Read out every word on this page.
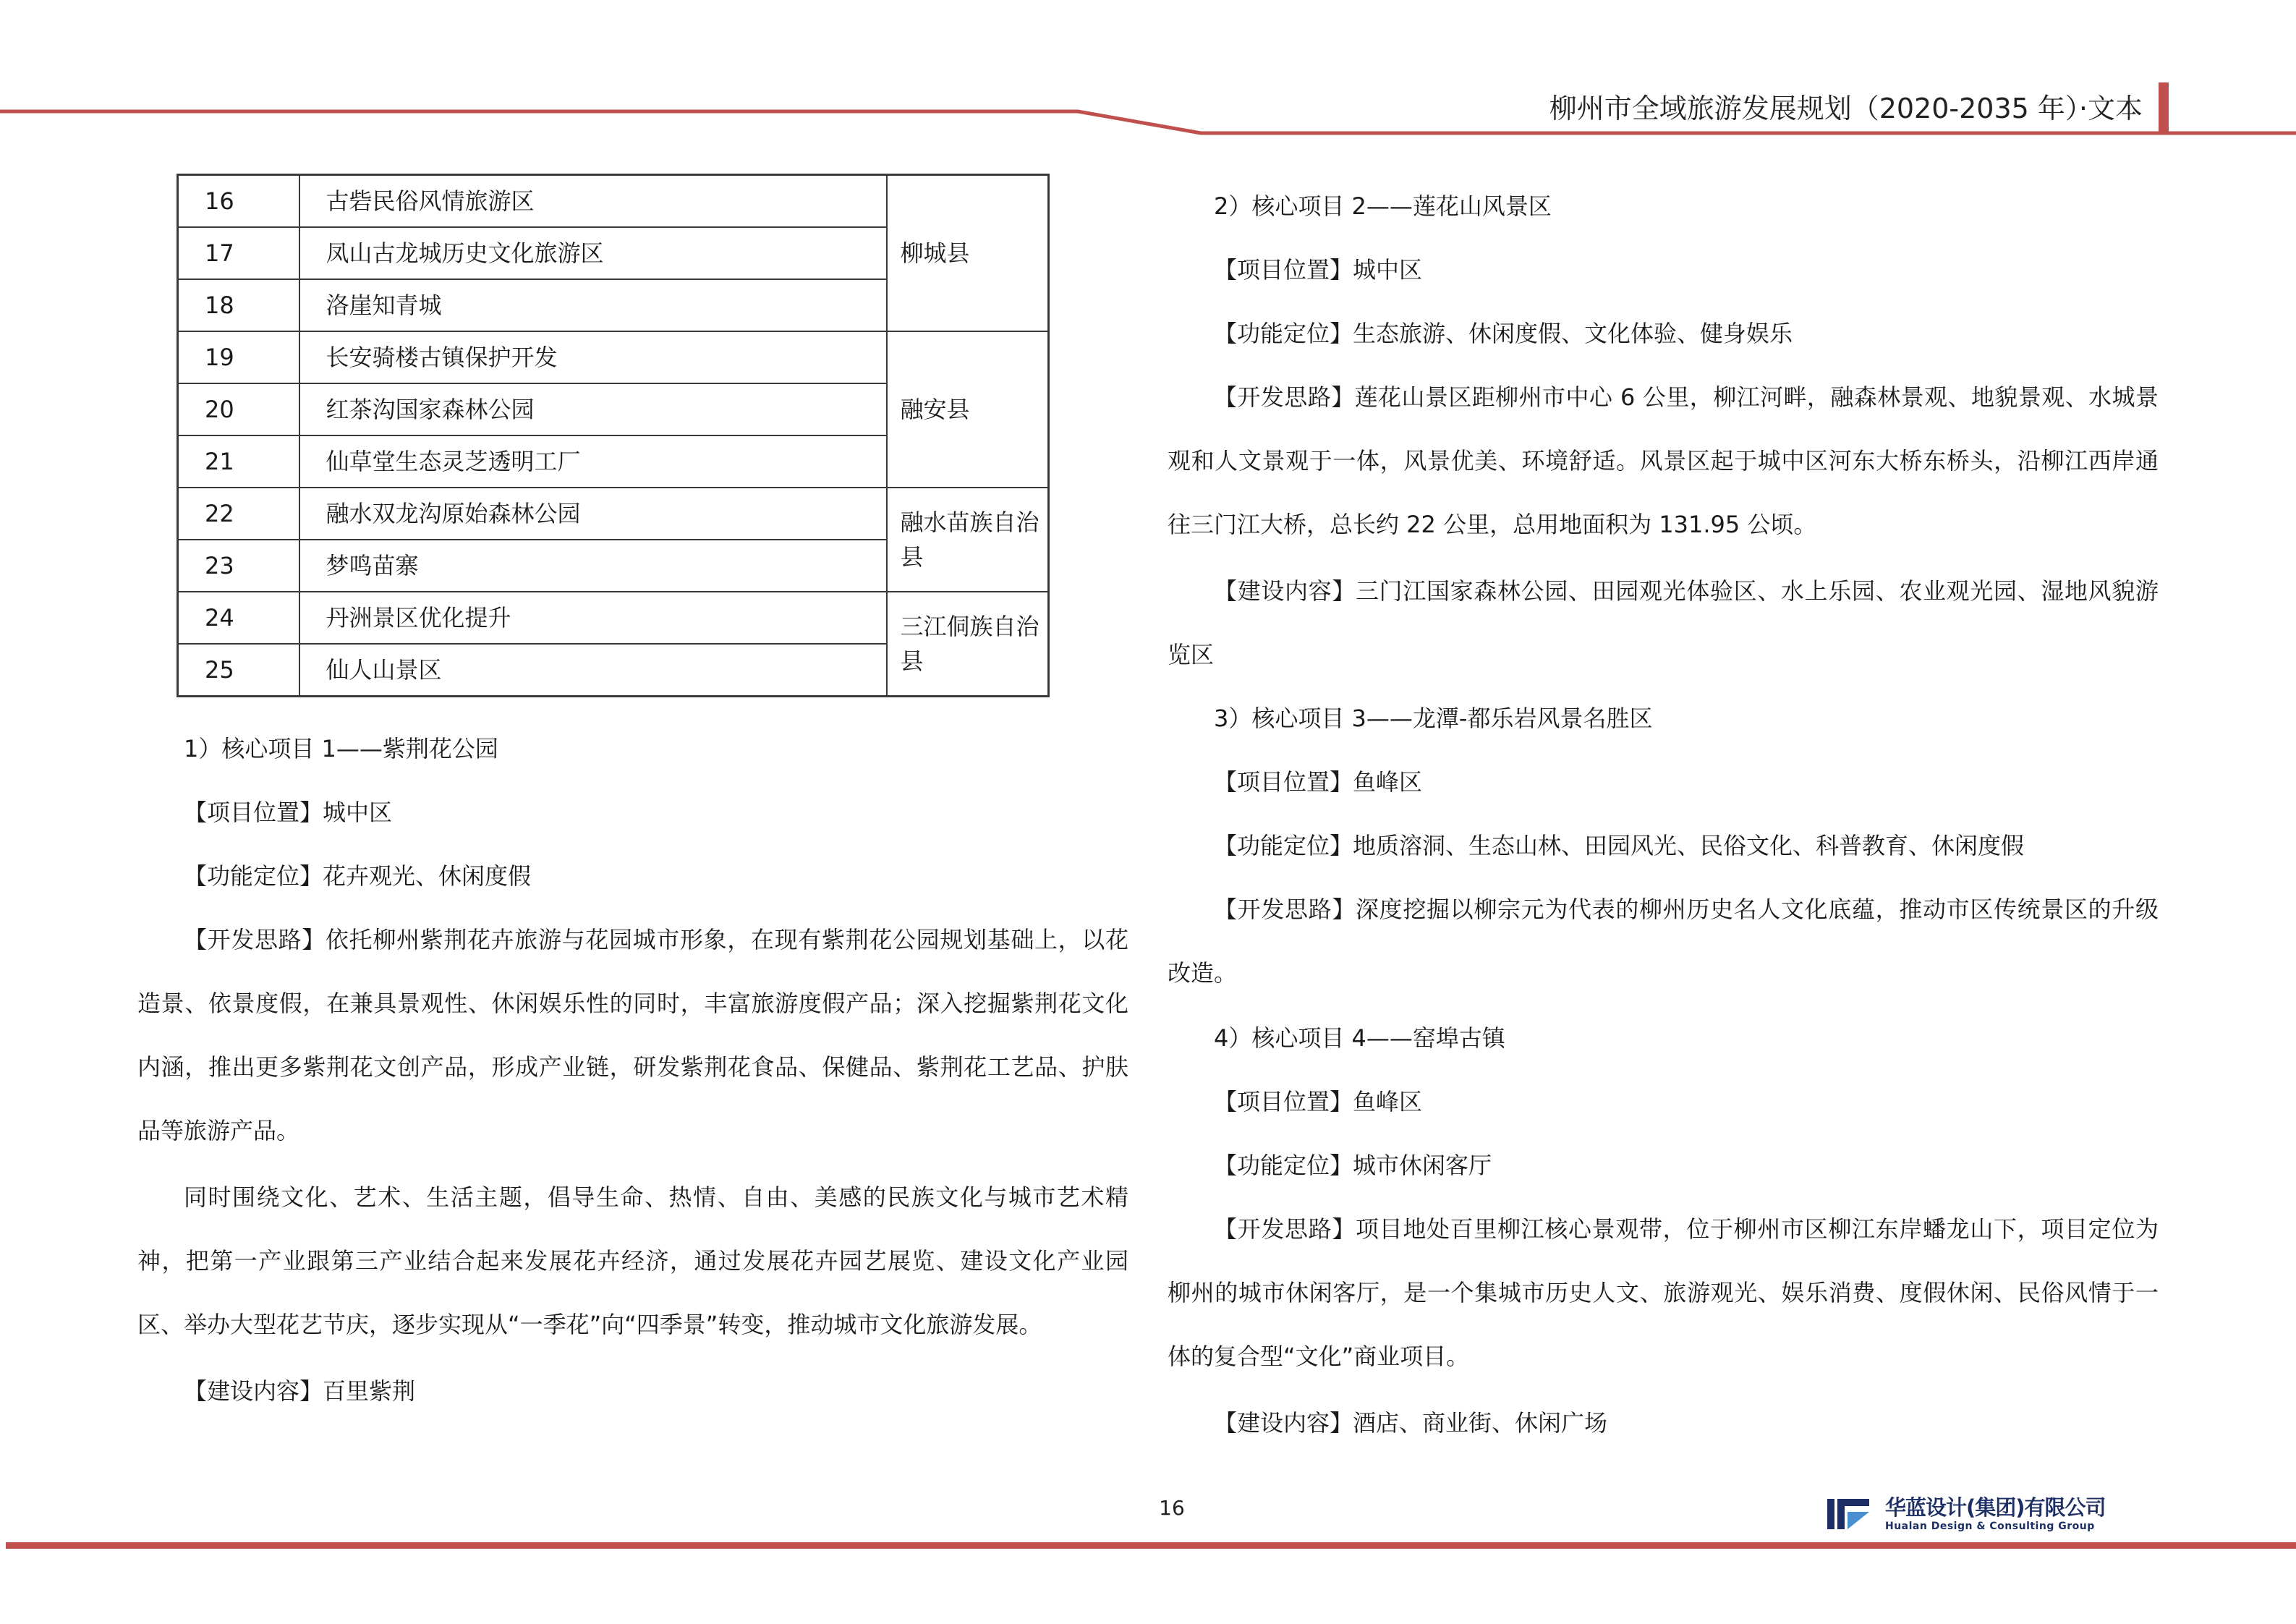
柳州市全域旅游发展规划（2020-2035 年）·文本
16	古砦民俗风情旅游区	柳城县
17	凤山古龙城历史文化旅游区	
18	洛崖知青城	
19	长安骑楼古镇保护开发	融安县
20	红茶沟国家森林公园	
21	仙草堂生态灵芝透明工厂	
22	融水双龙沟原始森林公园	融水苗族自治县
23	梦鸣苗寨	
24	丹洲景区优化提升	三江侗族自治县
25	仙人山景区	
1）核心项目 1——紫荆花公园
【项目位置】城中区
【功能定位】花卉观光、休闲度假
【开发思路】依托柳州紫荆花卉旅游与花园城市形象，在现有紫荆花公园规划基础上，以花造景、依景度假，在兼具景观性、休闲娱乐性的同时，丰富旅游度假产品；深入挖掘紫荆花文化内涵，推出更多紫荆花文创产品，形成产业链，研发紫荆花食品、保健品、紫荆花工艺品、护肤品等旅游产品。
同时围绕文化、艺术、生活主题，倡导生命、热情、自由、美感的民族文化与城市艺术精神，把第一产业跟第三产业结合起来发展花卉经济，通过发展花卉园艺展览、建设文化产业园区、举办大型花艺节庆，逐步实现从“一季花”向“四季景”转变，推动城市文化旅游发展。
【建设内容】百里紫荆
2）核心项目 2——莲花山风景区
【项目位置】城中区
【功能定位】生态旅游、休闲度假、文化体验、健身娱乐
【开发思路】莲花山景区距柳州市中心 6 公里，柳江河畔，融森林景观、地貌景观、水城景观和人文景观于一体，风景优美、环境舒适。风景区起于城中区河东大桥东桥头，沿柳江西岸通往三门江大桥，总长约 22 公里，总用地面积为 131.95 公顷。
【建设内容】三门江国家森林公园、田园观光体验区、水上乐园、农业观光园、湿地风貌游览区
3）核心项目 3——龙潭-都乐岩风景名胜区
【项目位置】鱼峰区
【功能定位】地质溶洞、生态山林、田园风光、民俗文化、科普教育、休闲度假
【开发思路】深度挖掘以柳宗元为代表的柳州历史名人文化底蕴，推动市区传统景区的升级改造。
4）核心项目 4——窑埠古镇
【项目位置】鱼峰区
【功能定位】城市休闲客厅
【开发思路】项目地处百里柳江核心景观带，位于柳州市区柳江东岸蟠龙山下，项目定位为柳州的城市休闲客厅，是一个集城市历史人文、旅游观光、娱乐消费、度假休闲、民俗风情于一体的复合型“文化”商业项目。
【建设内容】酒店、商业街、休闲广场
16	华蓝设计(集团)有限公司
Hualan Design & Consulting Group
